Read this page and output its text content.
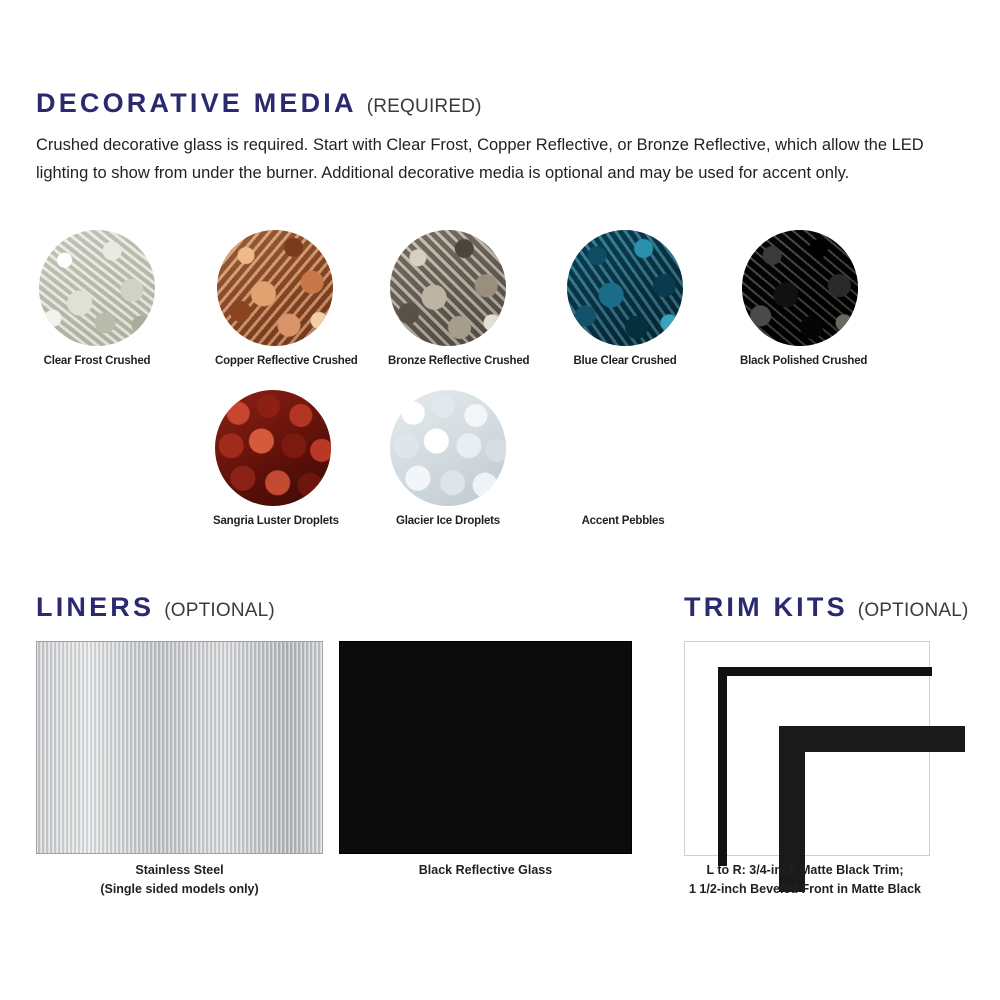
DECORATIVE MEDIA (REQUIRED)
Crushed decorative glass is required. Start with Clear Frost, Copper Reflective, or Bronze Reflective, which allow the LED lighting to show from under the burner. Additional decorative media is optional and may be used for accent only.
Clear Frost Crushed	Copper Reflective Crushed	Bronze Reflective Crushed	Blue Clear Crushed	Black Polished Crushed
Sangria Luster Droplets	Glacier Ice Droplets	Accent Pebbles
LINERS (OPTIONAL)
Stainless Steel
(Single sided models only)
Black Reflective Glass
TRIM KITS (OPTIONAL)
L to R: 3/4-inch Matte Black Trim;
1 1/2-inch Beveled Front in Matte Black
